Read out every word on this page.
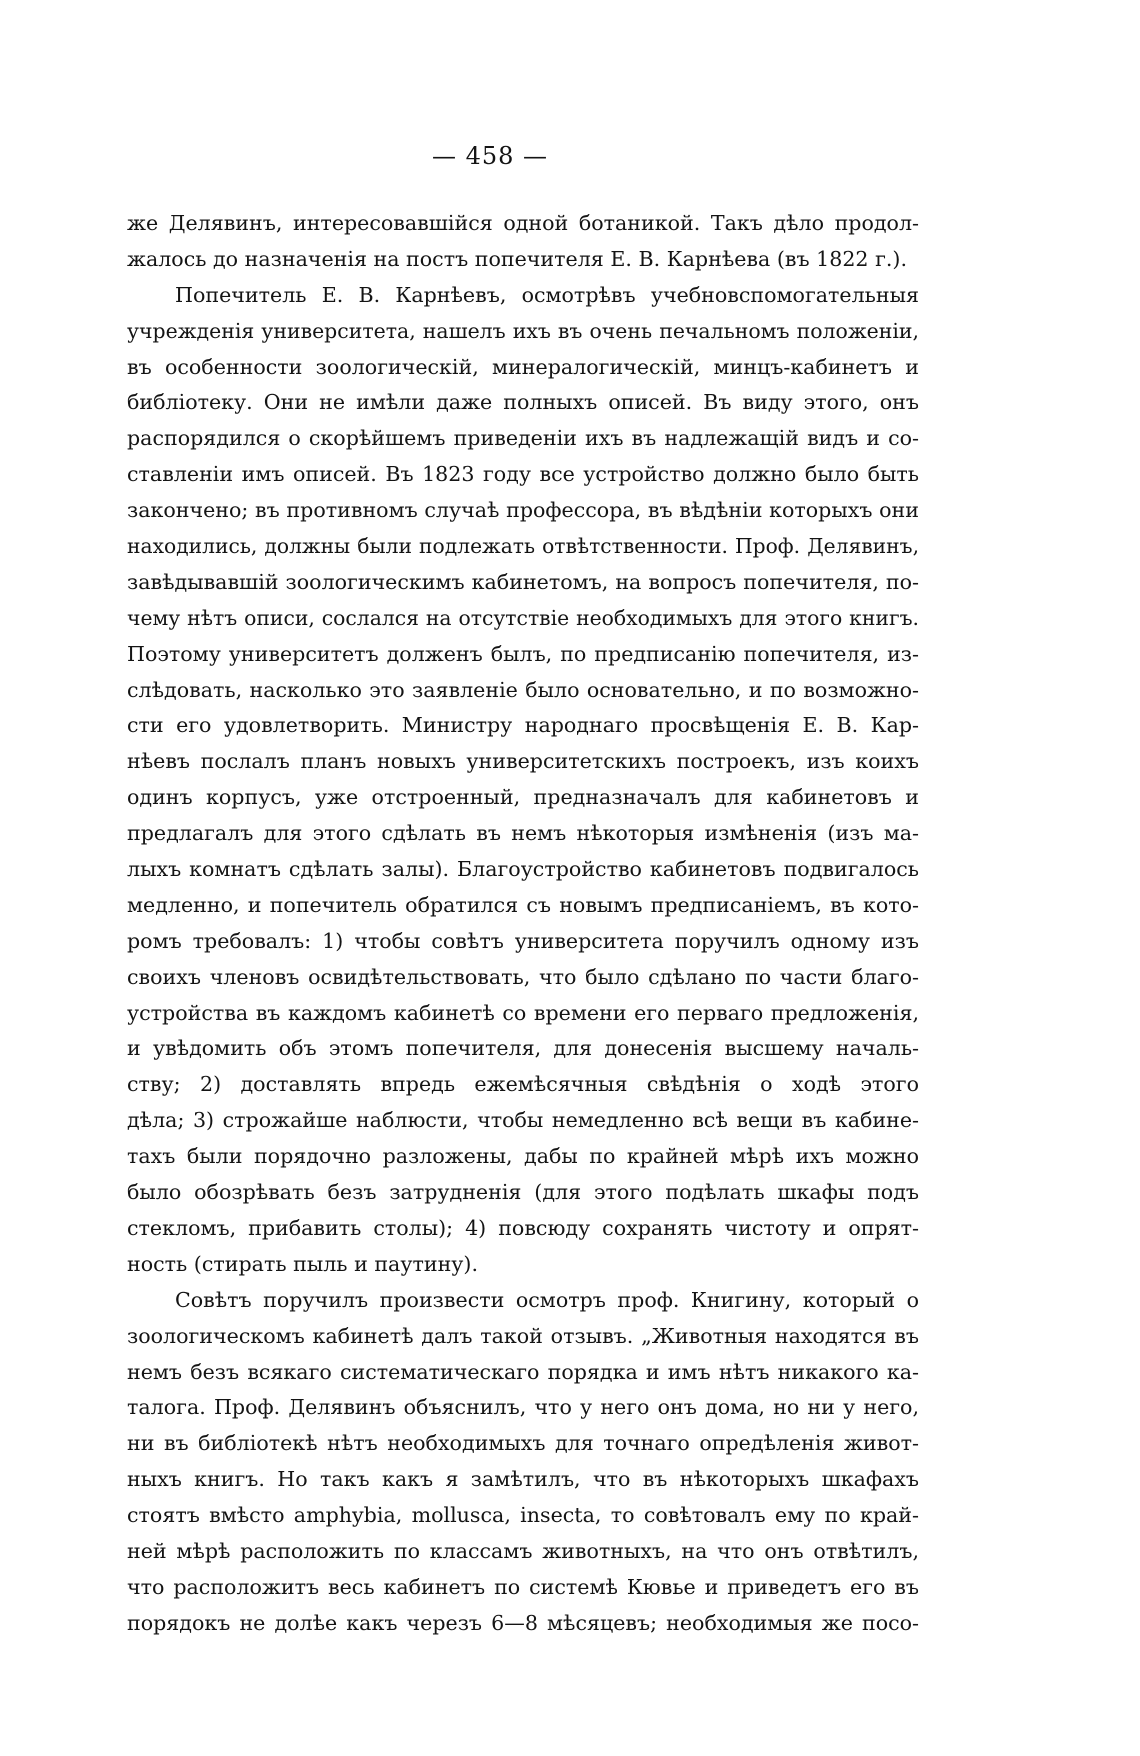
— 458 —
же Делявинъ, интересовавшійся одной ботаникой. Такъ дѣло продол-
жалось до назначенія на постъ попечителя Е. В. Карнѣева (въ 1822 г.).
Попечитель Е. В. Карнѣевъ, осмотрѣвъ учебновспомогательныя
учрежденія университета, нашелъ ихъ въ очень печальномъ положеніи,
въ особенности зоологическій, минералогическій, минцъ-кабинетъ и
библіотеку. Они не имѣли даже полныхъ описей. Въ виду этого, онъ
распорядился о скорѣйшемъ приведеніи ихъ въ надлежащій видъ и со-
ставленіи имъ описей. Въ 1823 году все устройство должно было быть
закончено; въ противномъ случаѣ профессора, въ вѣдѣніи которыхъ они
находились, должны были подлежать отвѣтственности. Проф. Делявинъ,
завѣдывавшій зоологическимъ кабинетомъ, на вопросъ попечителя, по-
чему нѣтъ описи, сослался на отсутствіе необходимыхъ для этого книгъ.
Поэтому университетъ долженъ былъ, по предписанію попечителя, из-
слѣдовать, насколько это заявленіе было основательно, и по возможно-
сти его удовлетворить. Министру народнаго просвѣщенія Е. В. Кар-
нѣевъ послалъ планъ новыхъ университетскихъ построекъ, изъ коихъ
одинъ корпусъ, уже отстроенный, предназначалъ для кабинетовъ и
предлагалъ для этого сдѣлать въ немъ нѣкоторыя измѣненія (изъ ма-
лыхъ комнатъ сдѣлать залы). Благоустройство кабинетовъ подвигалось
медленно, и попечитель обратился съ новымъ предписаніемъ, въ кото-
ромъ требовалъ: 1) чтобы совѣтъ университета поручилъ одному изъ
своихъ членовъ освидѣтельствовать, что было сдѣлано по части благо-
устройства въ каждомъ кабинетѣ со времени его перваго предложенія,
и увѣдомить объ этомъ попечителя, для донесенія высшему началь-
ству; 2) доставлять впредь ежемѣсячныя свѣдѣнія о ходѣ этого
дѣла; 3) строжайше наблюсти, чтобы немедленно всѣ вещи въ кабине-
тахъ были порядочно разложены, дабы по крайней мѣрѣ ихъ можно
было обозрѣвать безъ затрудненія (для этого подѣлать шкафы подъ
стекломъ, прибавить столы); 4) повсюду сохранять чистоту и опрят-
ность (стирать пыль и паутину).
Совѣтъ поручилъ произвести осмотръ проф. Книгину, который о
зоологическомъ кабинетѣ далъ такой отзывъ. „Животныя находятся въ
немъ безъ всякаго систематическаго порядка и имъ нѣтъ никакого ка-
талога. Проф. Делявинъ объяснилъ, что у него онъ дома, но ни у него,
ни въ библіотекѣ нѣтъ необходимыхъ для точнаго опредѣленія живот-
ныхъ книгъ. Но такъ какъ я замѣтилъ, что въ нѣкоторыхъ шкафахъ
стоятъ вмѣсто amphybia, mollusca, insecta, то совѣтовалъ ему по край-
ней мѣрѣ расположить по классамъ животныхъ, на что онъ отвѣтилъ,
что расположитъ весь кабинетъ по системѣ Кювье и приведетъ его въ
порядокъ не долѣе какъ черезъ 6—8 мѣсяцевъ; необходимыя же посо-
